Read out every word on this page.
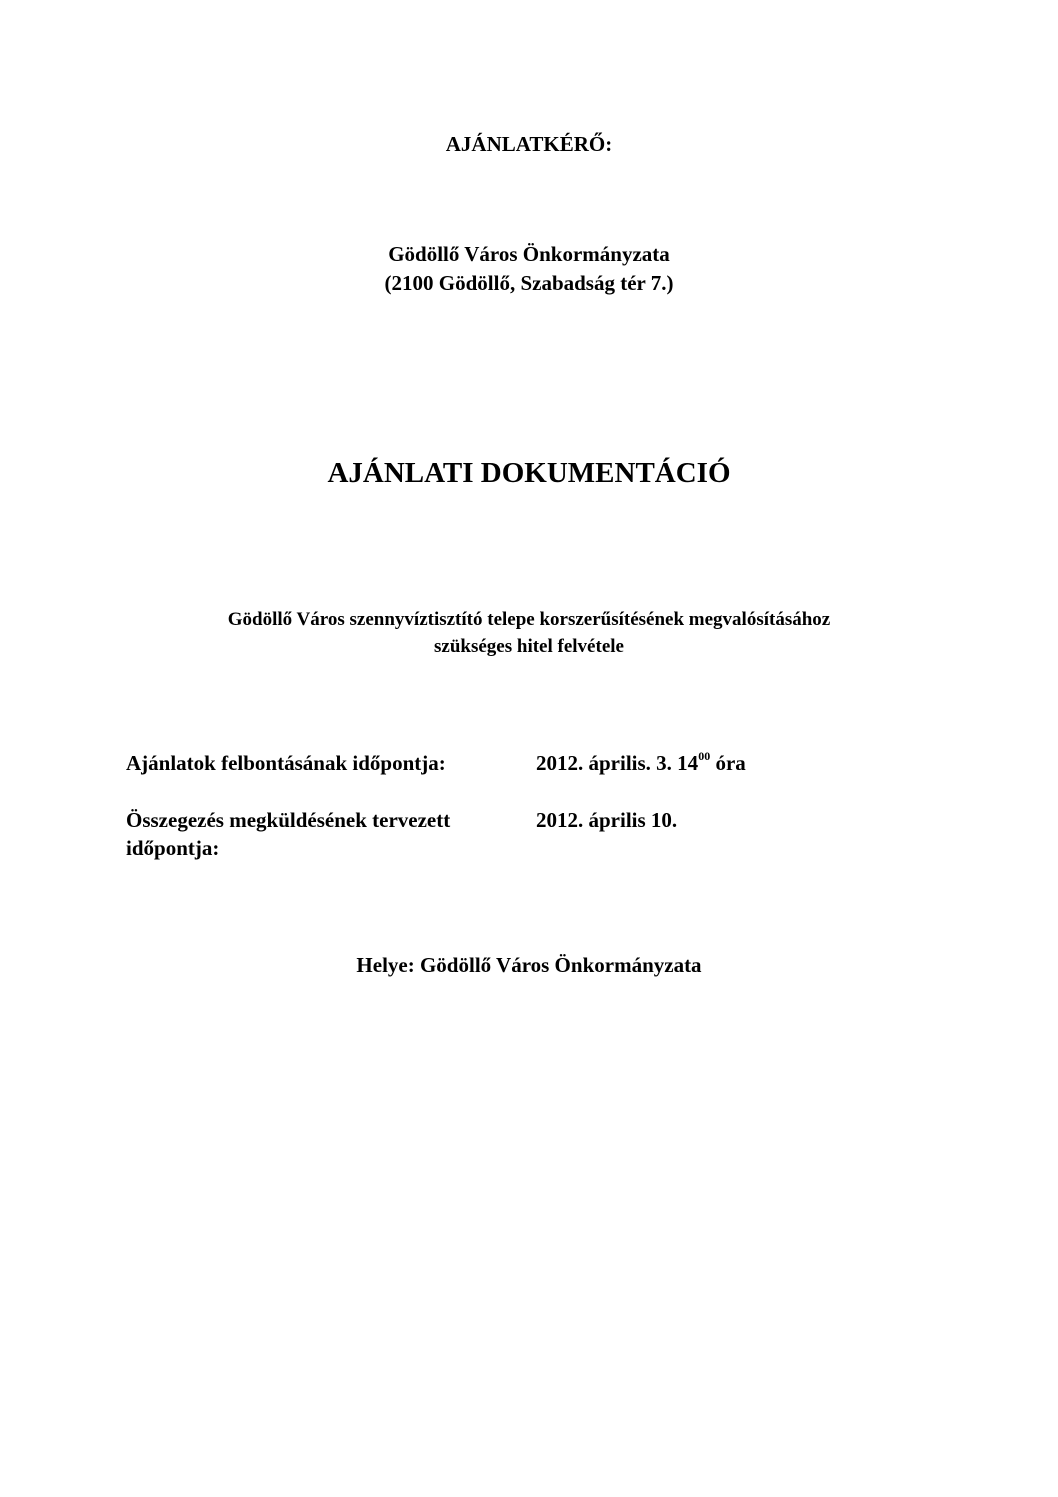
AJÁNLATKÉRŐ:
Gödöllő Város Önkormányzata
(2100 Gödöllő, Szabadság tér 7.)
AJÁNLATI DOKUMENTÁCIÓ
Gödöllő Város szennyvíztisztító telepe korszerűsítésének megvalósításához
szükséges hitel felvétele
Ajánlatok felbontásának időpontja:	2012. április. 3. $14^{00}$ óra
Összegezés megküldésének tervezett
időpontja:
2012. április 10.
Helye: Gödöllő Város Önkormányzata
